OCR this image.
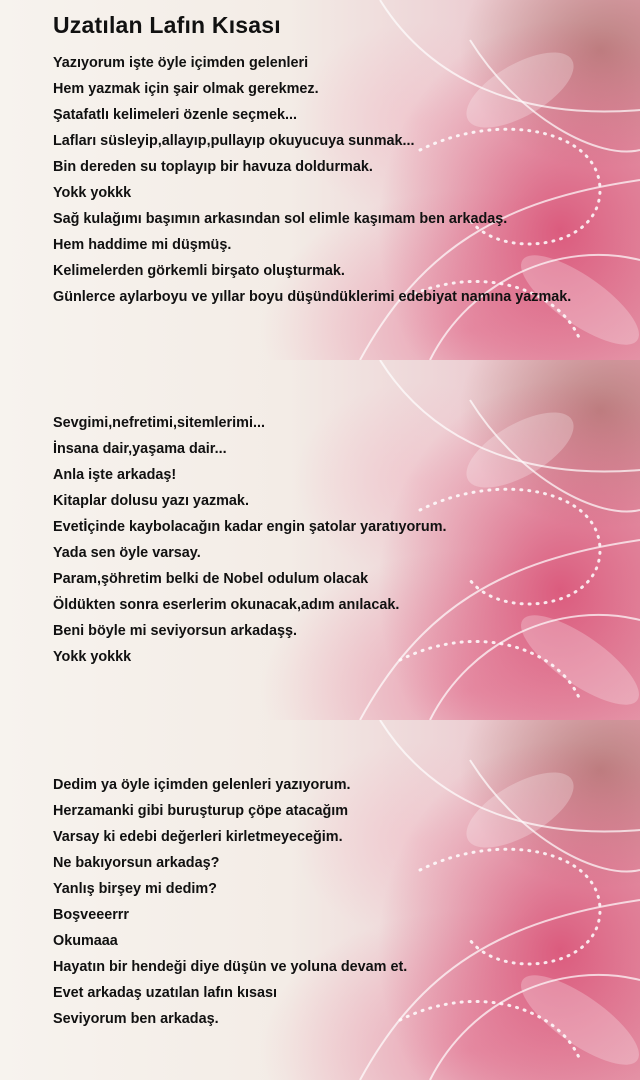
Uzatılan Lafın Kısası
Yazıyorum işte öyle içimden gelenleri
Hem yazmak için şair olmak gerekmez.
Şatafatlı kelimeleri özenle seçmek...
Lafları süsleyip,allayıp,pullayıp okuyucuya sunmak...
Bin dereden su toplayıp bir havuza doldurmak.
Yokk yokkk
Sağ kulağımı başımın arkasından sol elimle kaşımam ben arkadaş.
Hem haddime mi düşmüş.
Kelimelerden görkemli birşato oluşturmak.
Günlerce aylarboyu ve yıllar boyu düşündüklerimi edebiyat namına yazmak.
Sevgimi,nefretimi,sitemlerimi...
İnsana dair,yaşama dair...
Anla işte arkadaş!
Kitaplar dolusu yazı yazmak.
Evetİçinde kaybolacağın kadar engin şatolar yaratıyorum.
Yada sen öyle varsay.
Param,şöhretim belki de Nobel odulum olacak
Öldükten sonra eserlerim okunacak,adım anılacak.
Beni böyle mi seviyorsun arkadaşş.
Yokk yokkk
Dedim ya öyle içimden gelenleri yazıyorum.
Herzamanki gibi buruşturup çöpe atacağım
Varsay ki edebi değerleri kirletmeyeceğim.
Ne bakıyorsun arkadaş?
Yanlış birşey mi dedim?
Boşveeerrr
Okumaaa
Hayatın bir hendeği diye düşün ve yoluna devam et.
Evet arkadaş uzatılan lafın kısası
Seviyorum ben arkadaş.
